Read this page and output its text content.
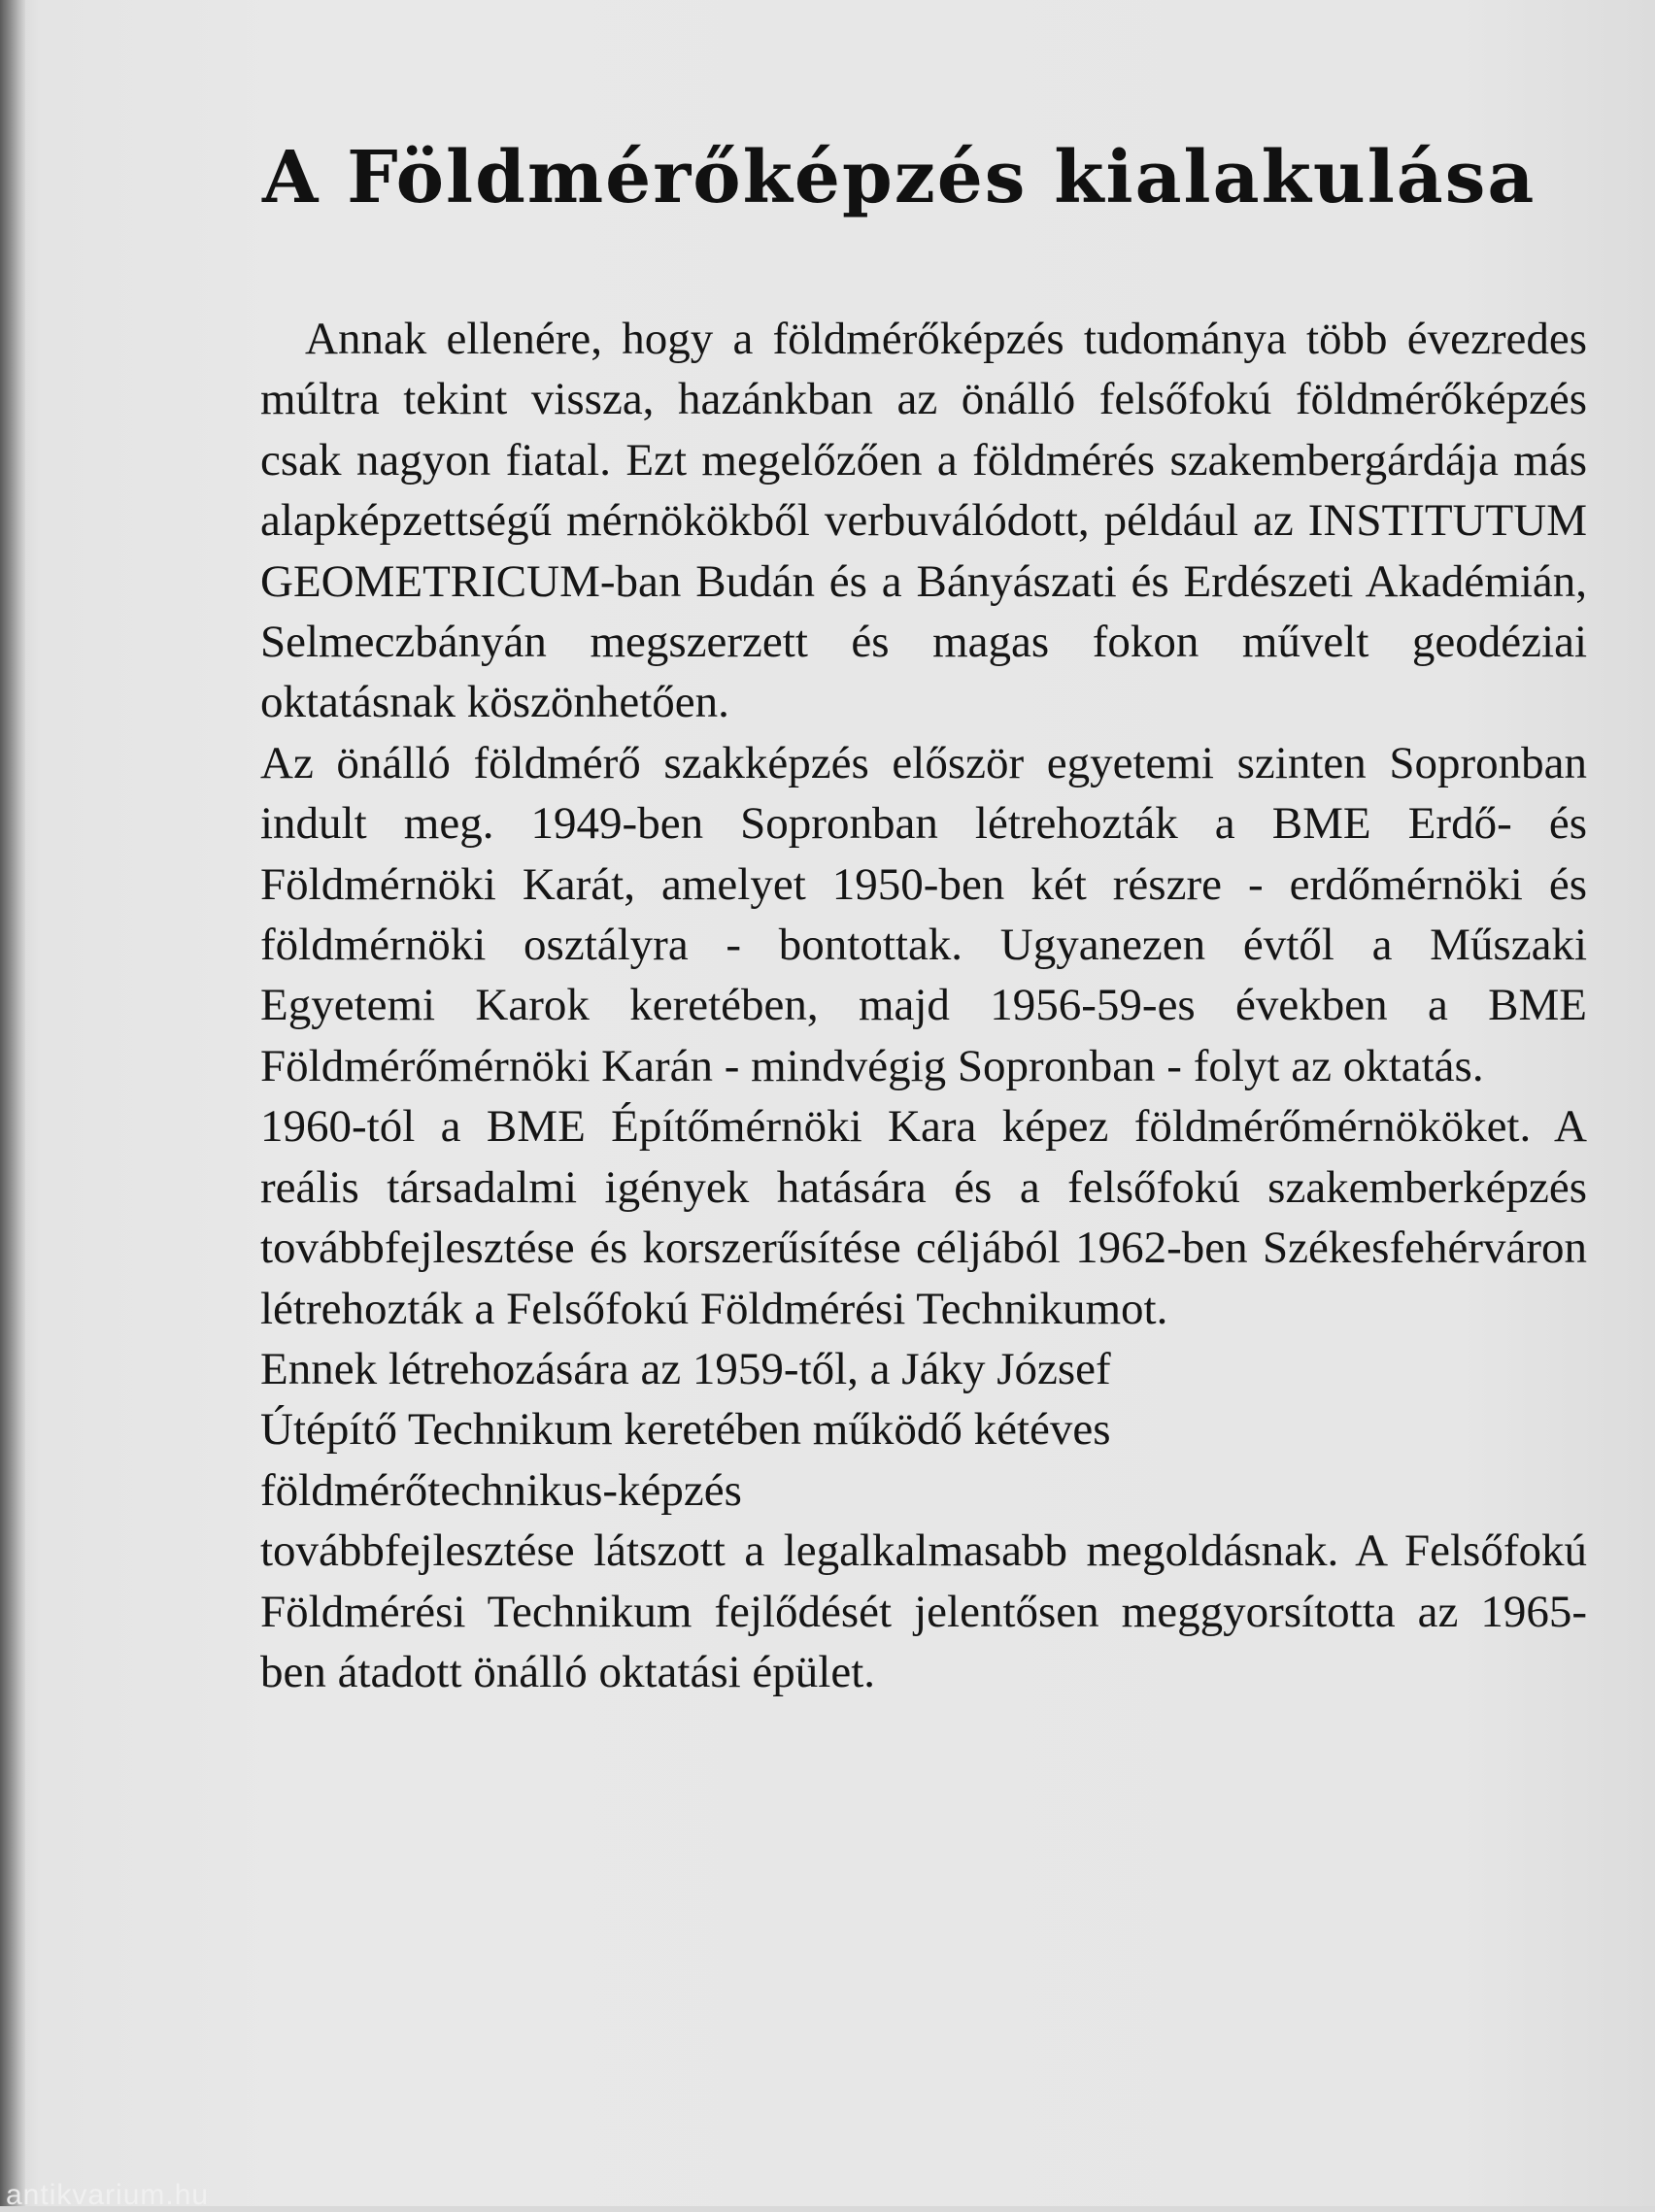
A Földmérőképzés kialakulása

Annak ellenére, hogy a földmérőképzés tudománya több évezredes múltra tekint vissza, hazánkban az önálló felsőfokú földmérőképzés csak nagyon fiatal. Ezt megelőzően a földmérés szakembergárdája más alapképzettségű mérnökökből verbuválódott, például az INSTITUTUM GEOMETRICUM-ban Budán és a Bányászati és Erdészeti Akadémián, Selmeczbányán megszerzett és magas fokon művelt geodéziai oktatásnak köszönhetően.

Az önálló földmérő szakképzés először egyetemi szinten Sopronban indult meg. 1949-ben Sopronban létrehozták a BME Erdő- és Földmérnöki Karát, amelyet 1950-ben két részre - erdőmérnöki és földmérnöki osztályra - bontottak. Ugyanezen évtől a Műszaki Egyetemi Karok keretében, majd 1956-59-es években a BME Földmérőmérnöki Karán - mindvégig Sopronban - folyt az oktatás.

1960-tól a BME Építőmérnöki Kara képez földmérőmérnököket. A reális társadalmi igények hatására és a felsőfokú szakemberképzés továbbfejlesztése és korszerűsítése céljából 1962-ben Székesfehérváron létrehozták a Felsőfokú Földmérési Technikumot.

Ennek létrehozására az 1959-től, a Jáky József
Útépítő Technikum keretében működő kétéves
földmérőtechnikus-képzés

továbbfejlesztése látszott a legalkalmasabb megoldásnak. A Felsőfokú Földmérési Technikum fejlődését jelentősen meggyorsította az 1965-ben átadott önálló oktatási épület.

antikvarium.hu
